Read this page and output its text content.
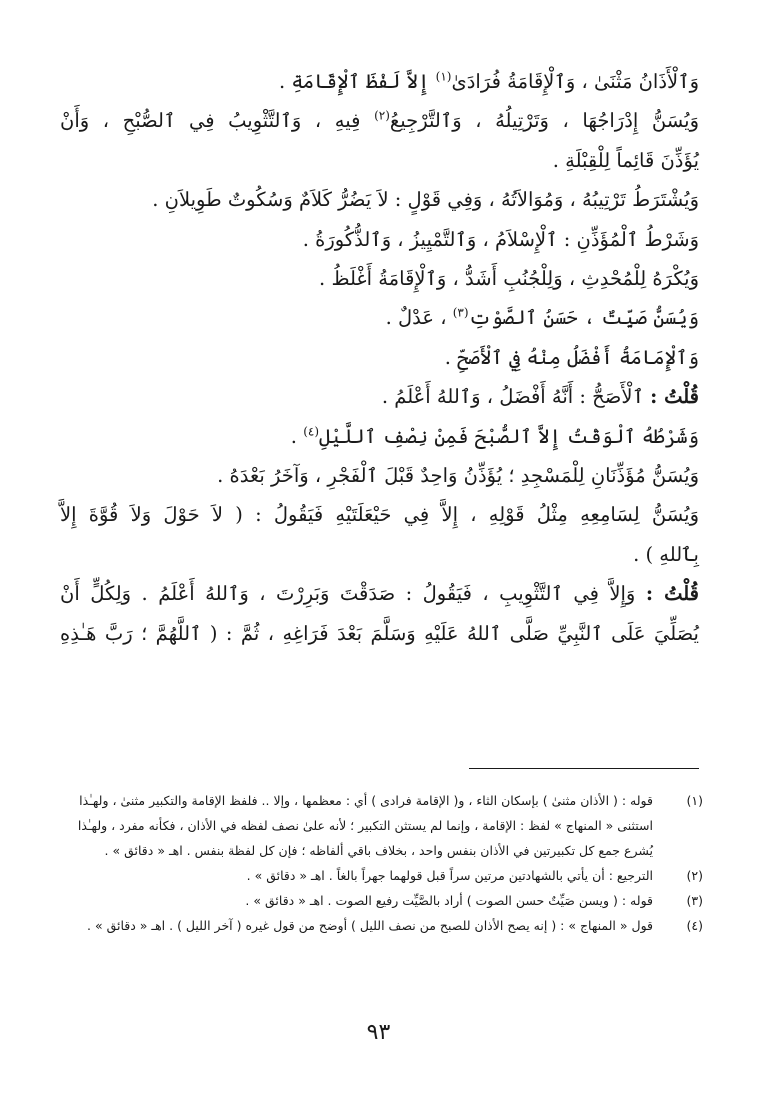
وَٱلْأَذَانُ مَثْنَىٰ ، وَٱلْإِقَامَةُ فُرَادَىٰ$^{(١)}$ إِلاَّ لَفْظَ ٱلْإِقَامَةِ .

وَيُسَنُّ إِدْرَاجُهَا ، وَتَرْتِيلُهُ ، وَٱلتَّرْجِيعُ$^{(٢)}$ فِيهِ ، وَٱلتَّثْوِيبُ فِي ٱلصُّبْحِ ، وَأَنْ

يُؤَذِّنَ قَائِماً لِلْقِبْلَةِ .

وَيُشْتَرَطُ تَرْتِيبُهُ ، وَمُوَالاَتُهُ ، وَفِي قَوْلٍ : لاَ يَضُرُّ كَلاَمٌ وَسُكُوتٌ طَوِيلاَنِ .

وَشَرْطُ ٱلْمُؤَذِّنِ : ٱلْإِسْلاَمُ ، وَٱلتَّمْيِيزُ ، وَٱلذُّكُورَةُ .

وَيُكْرَهُ لِلْمُحْدِثِ ، وَلِلْجُنُبِ أَشَدُّ ، وَٱلْإِقَامَةُ أَغْلَظُ .

وَيُسَنُّ صَيِّتٌ ، حَسَنُ ٱلصَّوْتِ$^{(٣)}$ ، عَدْلٌ .

وَٱلْإِمَامَةُ أَفْضَلُ مِنْهُ فِي ٱلْأَصَحِّ .

قُلْتُ : ٱلْأَصَحُّ : أَنَّهُ أَفْضَلُ ، وَٱللهُ أَعْلَمُ .

وَشَرْطُهُ ٱلْوَقْتُ إِلاَّ ٱلصُّبْحَ فَمِنْ نِصْفِ ٱللَّيْلِ$^{(٤)}$ .

وَيُسَنُّ مُؤَذِّنَانِ لِلْمَسْجِدِ ؛ يُؤَذِّنُ وَاحِدٌ قَبْلَ ٱلْفَجْرِ ، وَآخَرُ بَعْدَهُ .

وَيُسَنُّ لِسَامِعِهِ مِثْلُ قَوْلِهِ ، إِلاَّ فِي حَيْعَلَتَيْهِ فَيَقُولُ : ( لاَ حَوْلَ وَلاَ قُوَّةَ إِلاَّ

بِٱللهِ ) .

قُلْتُ : وَإِلاَّ فِي ٱلتَّثْوِيبِ ، فَيَقُولُ : صَدَقْتَ وَبَرِرْتَ ، وَٱللهُ أَعْلَمُ . وَلِكُلٍّ أَنْ

يُصَلِّيَ عَلَى ٱلنَّبِيِّ صَلَّى ٱللهُ عَلَيْهِ وَسَلَّمَ بَعْدَ فَرَاغِهِ ، ثُمَّ : ( ٱللَّهُمَّ ؛ رَبَّ هَـٰذِهِ

(١)
قوله : ( الأذان مثنىٰ ) بإسكان الثاء ، و( الإقامة فرادى ) أي : معظمها ، وإلا .. فلفظ الإقامة والتكبير مثنىٰ ، ولهـٰذا استثنى « المنهاج » لفظ : الإقامة ، وإنما لم يستثن التكبير ؛ لأنه علىٰ نصف لفظه في الأذان ، فكأنه مفرد ، ولهـٰذا يُشرع جمع كل تكبيرتين في الأذان بنفس واحد ، بخلاف باقي ألفاظه ؛ فإن كل لفظة بنفس . اهـ « دقائق » .
(٢)
الترجيع : أن يأتي بالشهادتين مرتين سراً قبل قولهما جهراً بالغاً . اهـ « دقائق » .
(٣)
قوله : ( ويسن صَيِّتٌ حسن الصوت ) أراد بالصَّيِّت رفيع الصوت . اهـ « دقائق » .
(٤)
قول « المنهاج » : ( إنه يصح الأذان للصبح من نصف الليل ) أوضح من قول غيره ( آخر الليل ) . اهـ « دقائق » .
٩٣
